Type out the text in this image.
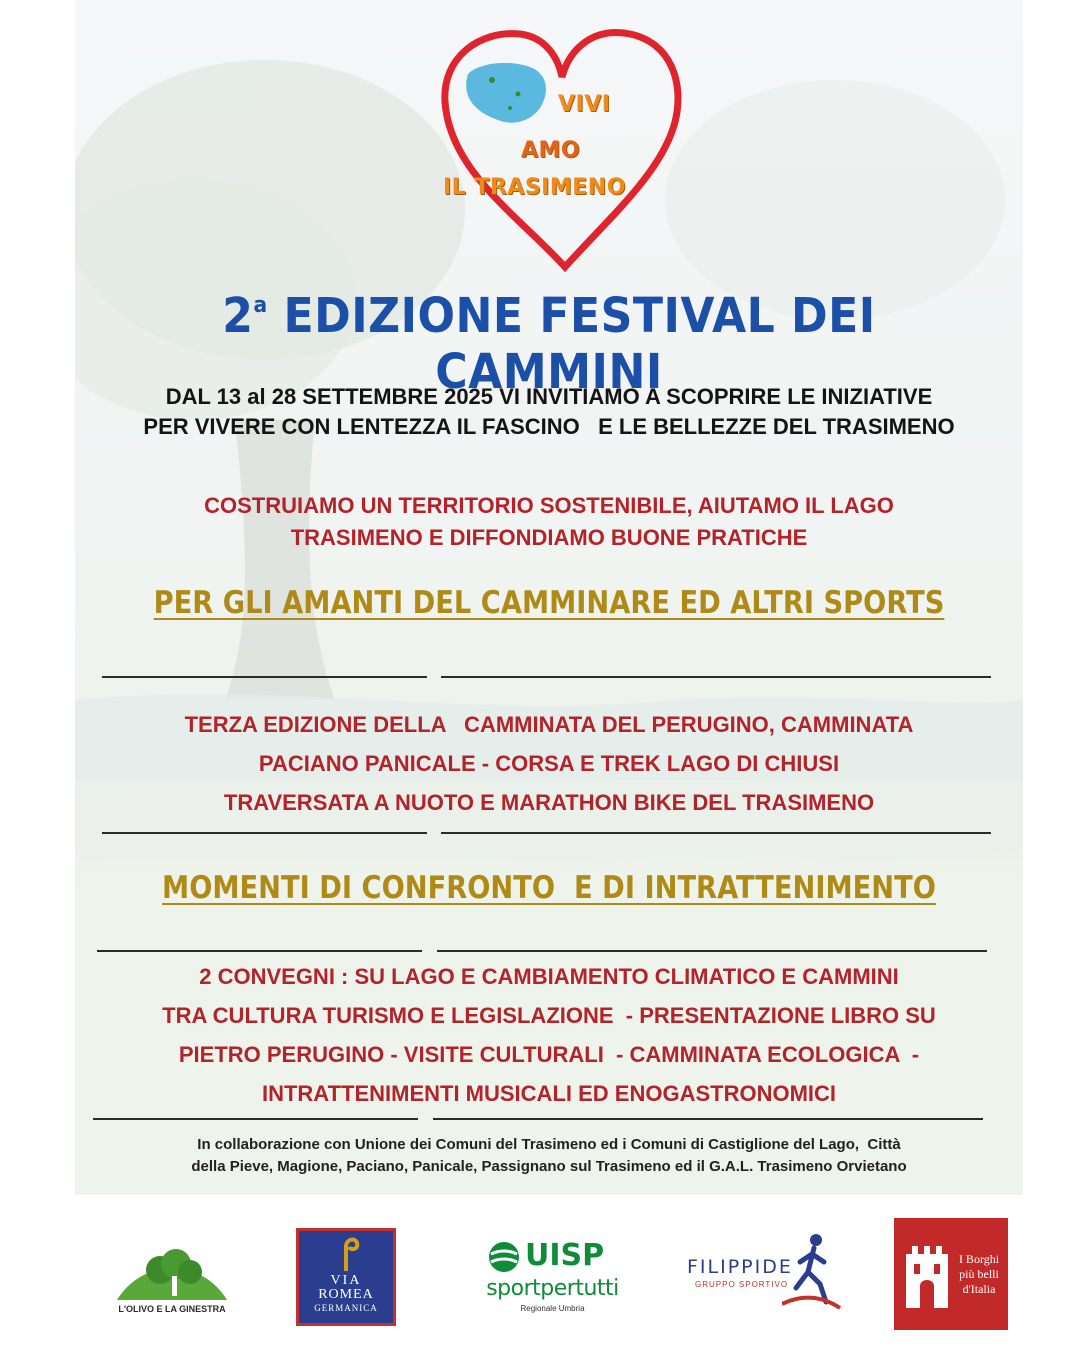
VIVI
AMO
IL TRASIMENO
2$^a$ EDIZIONE FESTIVAL DEI CAMMINI
DAL 13 al 28 SETTEMBRE 2025 VI INVITIAMO A SCOPRIRE LE INIZIATIVE
PER VIVERE CON LENTEZZA IL FASCINO   E LE BELLEZZE DEL TRASIMENO
COSTRUIAMO UN TERRITORIO SOSTENIBILE, AIUTAMO IL LAGO
TRASIMENO E DIFFONDIAMO BUONE PRATICHE
PER GLI AMANTI DEL CAMMINARE ED ALTRI SPORTS
TERZA EDIZIONE DELLA   CAMMINATA DEL PERUGINO, CAMMINATA
PACIANO PANICALE - CORSA E TREK LAGO DI CHIUSI
TRAVERSATA A NUOTO E MARATHON BIKE DEL TRASIMENO
MOMENTI DI CONFRONTO  E DI INTRATTENIMENTO
2 CONVEGNI : SU LAGO E CAMBIAMENTO CLIMATICO E CAMMINI
TRA CULTURA TURISMO E LEGISLAZIONE  - PRESENTAZIONE LIBRO SU
PIETRO PERUGINO - VISITE CULTURALI  - CAMMINATA ECOLOGICA  -
INTRATTENIMENTI MUSICALI ED ENOGASTRONOMICI
In collaborazione con Unione dei Comuni del Trasimeno ed i Comuni di Castiglione del Lago,  Città
della Pieve, Magione, Paciano, Panicale, Passignano sul Trasimeno ed il G.A.L. Trasimeno Orvietano
L'OLIVO E LA GINESTRA
VIA
ROMEA
GERMANICA
UISP
sportpertutti
Regionale Umbria
FILIPPIDE
GRUPPO SPORTIVO
I Borghi
più belli
d'Italia
